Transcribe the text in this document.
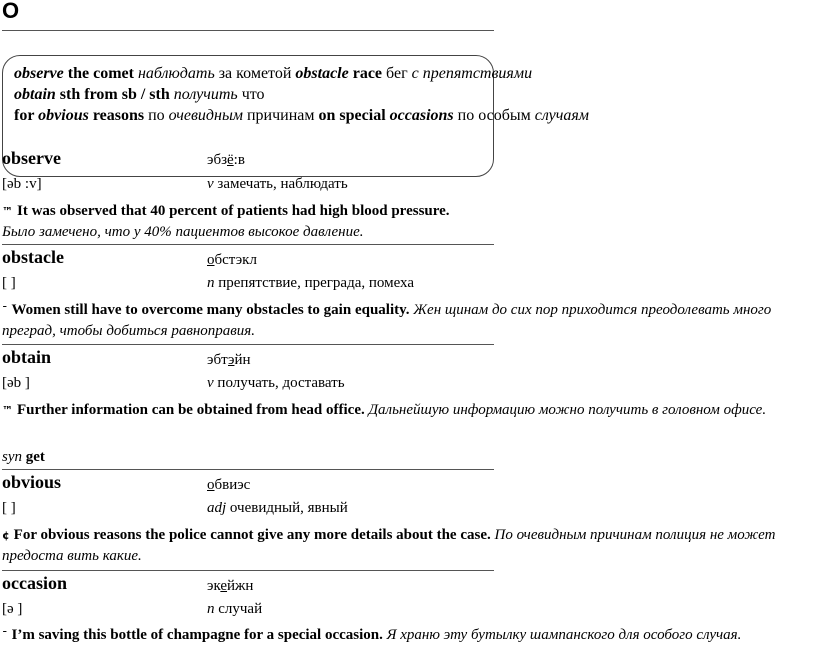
O
observe the comet наблюдать за кометой obstacle race бег с препятствиями
obtain sth from sb / sth получить что
for obvious reasons по очевидным причинам on special occasions по особым случаям
observe	эбзё:в
[əb :v]	v замечать, наблюдать
™ It was observed that 40 percent of patients had high blood pressure.
Было замечено, что у 40% пациентов высокое давление.
obstacle	обстэкл
[ ]	n препятствие, преграда, помеха
¯ Women still have to overcome many obstacles to gain equality. Жен щинам до сих пор приходится преодолевать много преград, чтобы добиться равноправия.
obtain	эбтэйн
[əb ]	v получать, доставать
™ Further information can be obtained from head office. Дальнейшую информацию можно получить в головном офисе.
syn get
obvious	обвиэс
[ ]	adj очевидный, явный
¢ For obvious reasons the police cannot give any more details about the case. По очевидным причинам полиция не может предоста вить какие.
occasion	экейжн
[ə ]	n случай
¯ I’m saving this bottle of champagne for a special occasion. Я храню эту бутылку шампанского для особого случая.
